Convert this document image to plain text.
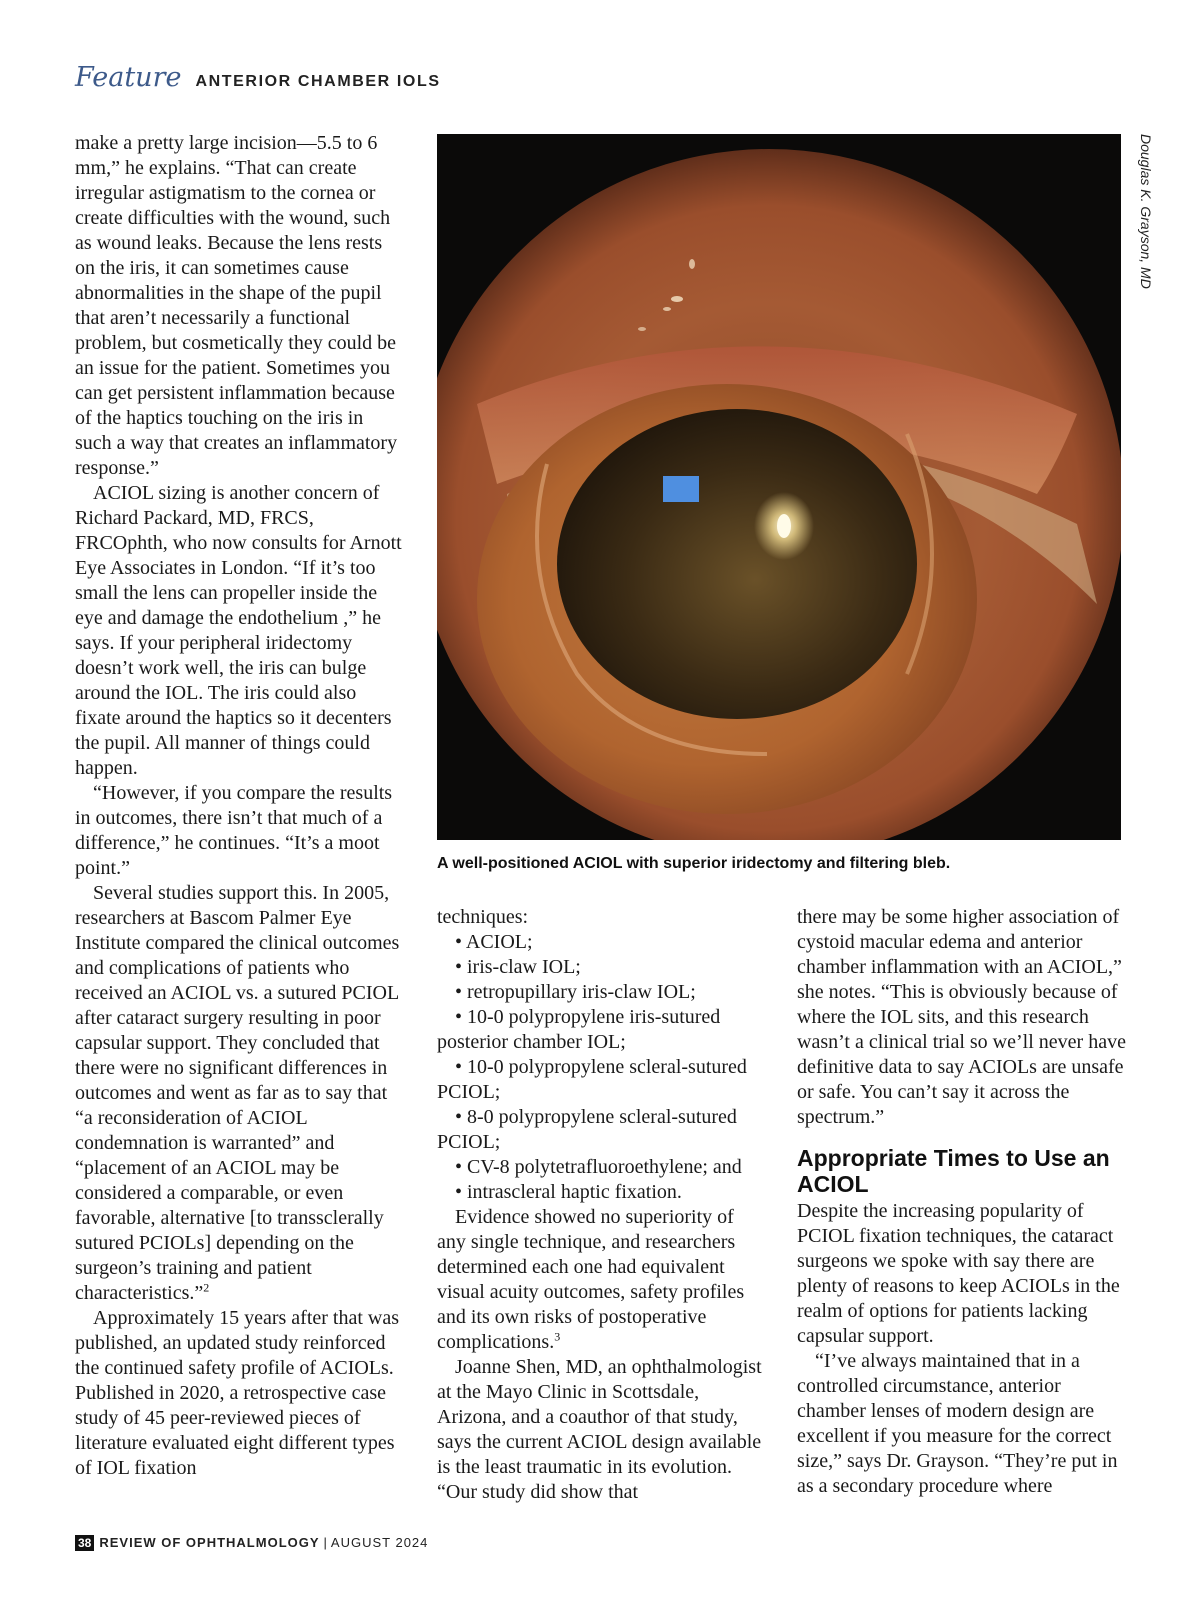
Feature ANTERIOR CHAMBER IOLS

make a pretty large incision—5.5 to 6 mm,” he explains. “That can create irregular astigmatism to the cornea or create difficulties with the wound, such as wound leaks. Because the lens rests on the iris, it can sometimes cause abnormalities in the shape of the pupil that aren’t necessarily a functional problem, but cosmetically they could be an issue for the patient. Sometimes you can get persistent inflammation because of the haptics touching on the iris in such a way that creates an inflammatory response.”

ACIOL sizing is another concern of Richard Packard, MD, FRCS, FRCOphth, who now consults for Arnott Eye Associates in London. “If it’s too small the lens can propeller inside the eye and damage the endothelium ,” he says. If your peripheral iridectomy doesn’t work well, the iris can bulge around the IOL. The iris could also fixate around the haptics so it decenters the pupil. All manner of things could happen.

“However, if you compare the results in outcomes, there isn’t that much of a difference,” he continues. “It’s a moot point.”

Several studies support this. In 2005, researchers at Bascom Palmer Eye Institute compared the clinical outcomes and complications of patients who received an ACIOL vs. a sutured PCIOL after cataract surgery resulting in poor capsular support. They concluded that there were no significant differences in outcomes and went as far as to say that “a reconsideration of ACIOL condemnation is warranted” and “placement of an ACIOL may be considered a comparable, or even favorable, alternative [to transsclerally sutured PCIOLs] depending on the surgeon’s training and patient characteristics.”$^2$

Approximately 15 years after that was published, an updated study reinforced the continued safety profile of ACIOLs. Published in 2020, a retrospective case study of 45 peer-reviewed pieces of literature evaluated eight different types of IOL fixation

Douglas K. Grayson, MD
A well-positioned ACIOL with superior iridectomy and filtering bleb.

techniques:

• ACIOL;
• iris-claw IOL;
• retropupillary iris-claw IOL;
• 10-0 polypropylene iris-sutured posterior chamber IOL;
• 10-0 polypropylene scleral-sutured PCIOL;
• 8-0 polypropylene scleral-sutured PCIOL;
• CV-8 polytetrafluoroethylene; and
• intrascleral haptic fixation.

Evidence showed no superiority of any single technique, and researchers determined each one had equivalent visual acuity outcomes, safety profiles and its own risks of postoperative complications.$^3$

Joanne Shen, MD, an ophthalmologist at the Mayo Clinic in Scottsdale, Arizona, and a coauthor of that study, says the current ACIOL design available is the least traumatic in its evolution. “Our study did show that

there may be some higher association of cystoid macular edema and anterior chamber inflammation with an ACIOL,” she notes. “This is obviously because of where the IOL sits, and this research wasn’t a clinical trial so we’ll never have definitive data to say ACIOLs are unsafe or safe. You can’t say it across the spectrum.”

Appropriate Times to Use an ACIOL

Despite the increasing popularity of PCIOL fixation techniques, the cataract surgeons we spoke with say there are plenty of reasons to keep ACIOLs in the realm of options for patients lacking capsular support.

“I’ve always maintained that in a controlled circumstance, anterior chamber lenses of modern design are excellent if you measure for the correct size,” says Dr. Grayson. “They’re put in as a secondary procedure where

38 REVIEW OF OPHTHALMOLOGY | AUGUST 2024
